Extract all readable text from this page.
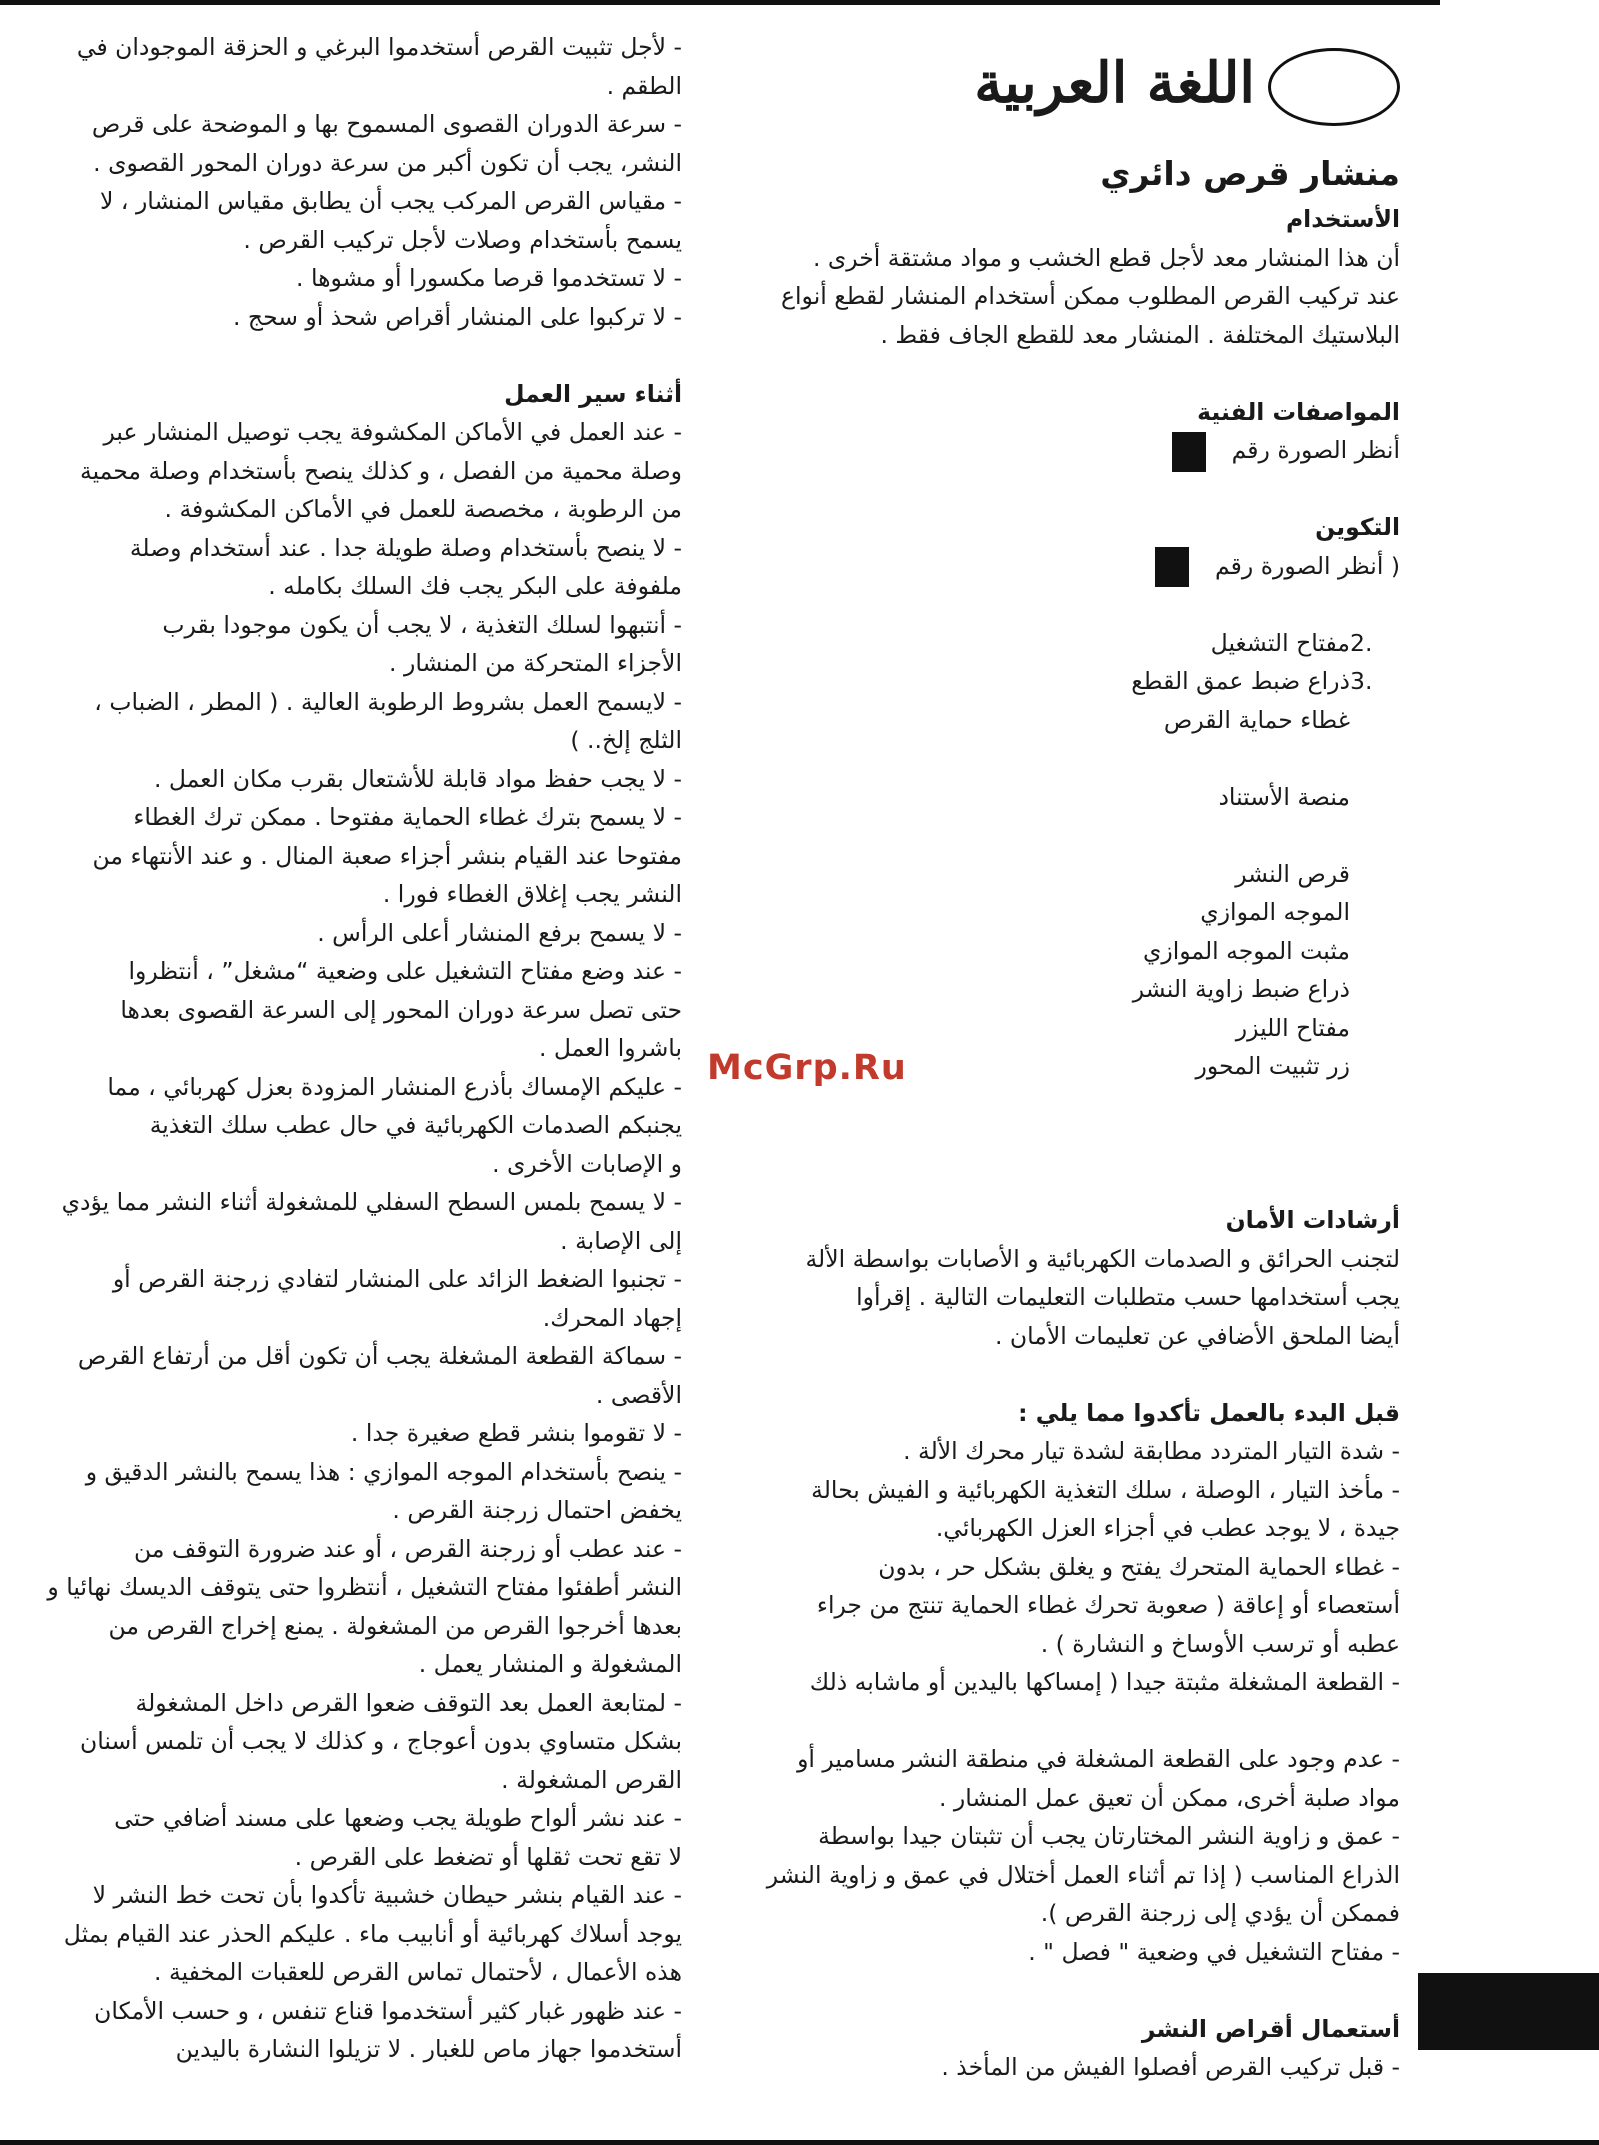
اللغة العربية
منشار قرص دائري
الأستخدام
أن هذا المنشار معد لأجل قطع الخشب و مواد مشتقة أخرى .
عند تركيب القرص المطلوب ممكن أستخدام المنشار لقطع أنواع
البلاستيك المختلفة . المنشار معد للقطع الجاف فقط .
المواصفات الفنية
أنظر الصورة رقم
التكوين
( أنظر الصورة رقم
2.مفتاح التشغيل
3.ذراع ضبط عمق القطع
غطاء حماية القرص
منصة الأستناد
قرص النشر
الموجه الموازي
مثبت الموجه الموازي
ذراع ضبط زاوية النشر
مفتاح الليزر
زر تثبيت المحور
أرشادات الأمان
لتجنب الحرائق و الصدمات الكهربائية و الأصابات بواسطة الألة
يجب أستخدامها حسب متطلبات التعليمات التالية . إقرأوا
أيضا الملحق الأضافي عن تعليمات الأمان .
قبل البدء بالعمل تأكدوا مما يلي :
- شدة التيار المتردد مطابقة لشدة تيار محرك الألة .
- مأخذ التيار ، الوصلة ، سلك التغذية الكهربائية و الفيش بحالة
جيدة ، لا يوجد عطب في أجزاء العزل الكهربائي.
- غطاء الحماية المتحرك يفتح و يغلق بشكل حر ، بدون
أستعصاء أو إعاقة ( صعوبة تحرك غطاء الحماية تنتج من جراء
عطبه أو ترسب الأوساخ و النشارة ) .
- القطعة المشغلة مثبتة جيدا ( إمساكها باليدين أو ماشابه ذلك
- عدم وجود على القطعة المشغلة في منطقة النشر مسامير أو
مواد صلبة أخرى، ممكن أن تعيق عمل المنشار .
- عمق و زاوية النشر المختارتان يجب أن تثبتان جيدا بواسطة
الذراع المناسب ( إذا تم أثناء العمل أختلال في عمق و زاوية النشر
فممكن أن يؤدي إلى زرجنة القرص ).
- مفتاح التشغيل في وضعية " فصل " .
أستعمال أقراص النشر
- قبل تركيب القرص أفصلوا الفيش من المأخذ .
- لأجل تثبيت القرص أستخدموا البرغي و الحزقة الموجودان في
الطقم .
- سرعة الدوران القصوى المسموح بها و الموضحة على قرص
النشر، يجب أن تكون أكبر من سرعة دوران المحور القصوى .
- مقياس القرص المركب يجب أن يطابق مقياس المنشار ، لا
يسمح بأستخدام وصلات لأجل تركيب القرص .
- لا تستخدموا قرصا مكسورا أو مشوها .
- لا تركبوا على المنشار أقراص شحذ أو سحج .
أثناء سير العمل
- عند العمل في الأماكن المكشوفة يجب توصيل المنشار عبر
وصلة محمية من الفصل ، و كذلك ينصح بأستخدام وصلة محمية
من الرطوبة ، مخصصة للعمل في الأماكن المكشوفة .
- لا ينصح بأستخدام وصلة طويلة جدا . عند أستخدام وصلة
ملفوفة على البكر يجب فك السلك بكامله .
- أنتبهوا لسلك التغذية ، لا يجب أن يكون موجودا بقرب
الأجزاء المتحركة من المنشار .
- لايسمح العمل بشروط الرطوبة العالية . ( المطر ، الضباب ،
الثلج إلخ.. )
- لا يجب حفظ مواد قابلة للأشتعال بقرب مكان العمل .
- لا يسمح بترك غطاء الحماية مفتوحا . ممكن ترك الغطاء
مفتوحا عند القيام بنشر أجزاء صعبة المنال . و عند الأنتهاء من
النشر يجب إغلاق الغطاء فورا .
- لا يسمح برفع المنشار أعلى الرأس .
- عند وضع مفتاح التشغيل على وضعية “مشغل” ، أنتظروا
حتى تصل سرعة دوران المحور إلى السرعة القصوى بعدها
باشروا العمل .
- عليكم الإمساك بأذرع المنشار المزودة بعزل كهربائي ، مما
يجنبكم الصدمات الكهربائية في حال عطب سلك التغذية
و الإصابات الأخرى .
- لا يسمح بلمس السطح السفلي للمشغولة أثناء النشر مما يؤدي
إلى الإصابة .
- تجنبوا الضغط الزائد على المنشار لتفادي زرجنة القرص أو
إجهاد المحرك.
- سماكة القطعة المشغلة يجب أن تكون أقل من أرتفاع القرص
الأقصى .
- لا تقوموا بنشر قطع صغيرة جدا .
- ينصح بأستخدام الموجه الموازي : هذا يسمح بالنشر الدقيق و
يخفض احتمال زرجنة القرص .
- عند عطب أو زرجنة القرص ، أو عند ضرورة التوقف من
النشر أطفئوا مفتاح التشغيل ، أنتظروا حتى يتوقف الديسك نهائيا و
بعدها أخرجوا القرص من المشغولة . يمنع إخراج القرص من
المشغولة و المنشار يعمل .
- لمتابعة العمل بعد التوقف ضعوا القرص داخل المشغولة
بشكل متساوي بدون أعوجاج ، و كذلك لا يجب أن تلمس أسنان
القرص المشغولة .
- عند نشر ألواح طويلة يجب وضعها على مسند أضافي حتى
لا تقع تحت ثقلها أو تضغط على القرص .
- عند القيام بنشر حيطان خشبية تأكدوا بأن تحت خط النشر لا
يوجد أسلاك كهربائية أو أنابيب ماء . عليكم الحذر عند القيام بمثل
هذه الأعمال ، لأحتمال تماس القرص للعقبات المخفية .
- عند ظهور غبار كثير أستخدموا قناع تنفس ، و حسب الأمكان
أستخدموا جهاز ماص للغبار . لا تزيلوا النشارة باليدين
McGrp.Ru
